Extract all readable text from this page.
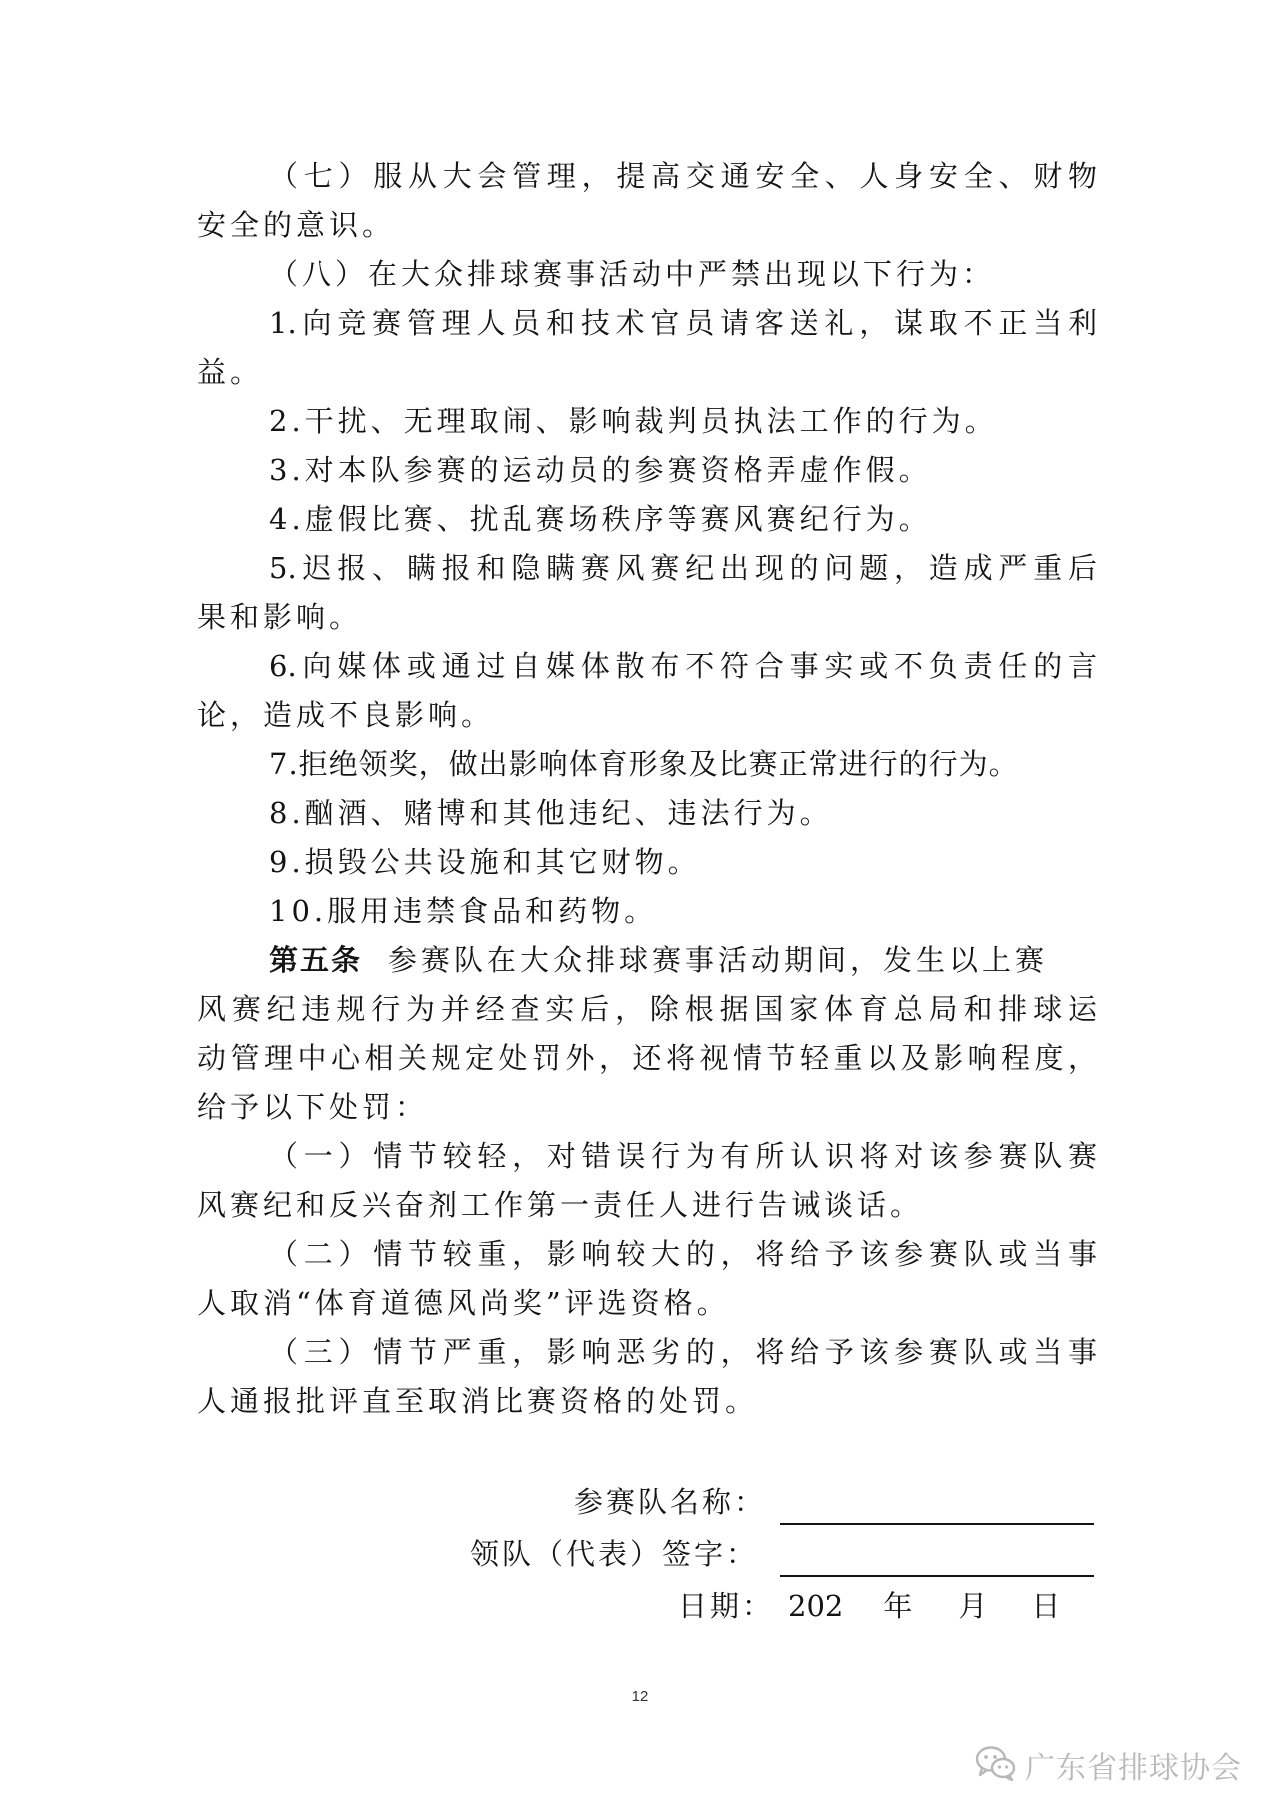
（七）服从大会管理，提高交通安全、人身安全、财物
安全的意识。
（八）在大众排球赛事活动中严禁出现以下行为：
1.向竞赛管理人员和技术官员请客送礼，谋取不正当利
益。
2.干扰、无理取闹、影响裁判员执法工作的行为。
3.对本队参赛的运动员的参赛资格弄虚作假。
4.虚假比赛、扰乱赛场秩序等赛风赛纪行为。
5.迟报、瞒报和隐瞒赛风赛纪出现的问题，造成严重后
果和影响。
6.向媒体或通过自媒体散布不符合事实或不负责任的言
论，造成不良影响。
7.拒绝领奖，做出影响体育形象及比赛正常进行的行为。
8.酗酒、赌博和其他违纪、违法行为。
9.损毁公共设施和其它财物。
10.服用违禁食品和药物。
第五条 参赛队在大众排球赛事活动期间，发生以上赛
风赛纪违规行为并经查实后，除根据国家体育总局和排球运
动管理中心相关规定处罚外，还将视情节轻重以及影响程度，
给予以下处罚：
（一）情节较轻，对错误行为有所认识将对该参赛队赛
风赛纪和反兴奋剂工作第一责任人进行告诫谈话。
（二）情节较重，影响较大的，将给予该参赛队或当事
人取消“体育道德风尚奖”评选资格。
（三）情节严重，影响恶劣的，将给予该参赛队或当事
人通报批评直至取消比赛资格的处罚。
参赛队名称：
领队（代表）签字：
日期： 202 年 月 日
12
广东省排球协会
